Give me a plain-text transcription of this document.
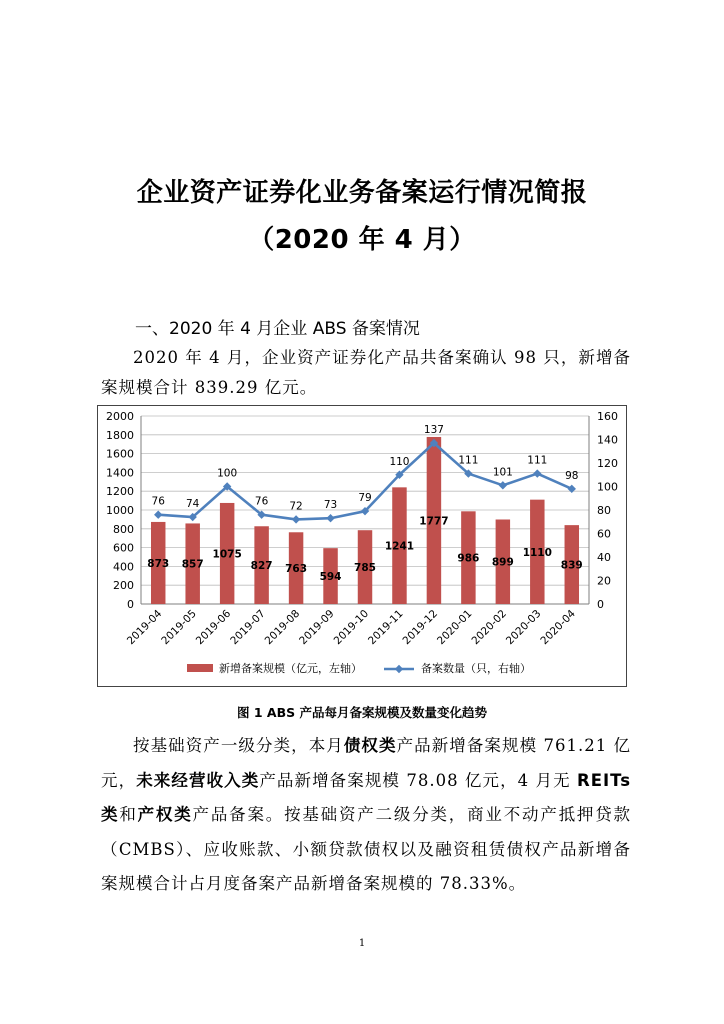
企业资产证券化业务备案运行情况简报
（2020 年 4 月）
一、2020 年 4 月企业 ABS 备案情况
2020 年 4 月，企业资产证券化产品共备案确认 98 只，新增备案规模合计 839.29 亿元。
0
200
400
600
800
1000
1200
1400
1600
1800
2000
0
20
40
60
80
100
120
140
160
873 857
1075
827 763
594
785
1241
1777
986 899
1110
839
76 74
100
76 72 73
79
110
137
111
101
111
98
2019-04
2019-05
2019-06
2019-07
2019-08
2019-09
2019-10
2019-11
2019-12
2020-01
2020-02
2020-03
2020-04
新增备案规模（亿元，左轴）	备案数量（只，右轴）
图 1 ABS 产品每月备案规模及数量变化趋势
按基础资产一级分类，本月债权类产品新增备案规模 761.21 亿元，未来经营收入类产品新增备案规模 78.08 亿元，4 月无 REITs 类和产权类产品备案。按基础资产二级分类，商业不动产抵押贷款（CMBS）、应收账款、小额贷款债权以及融资租赁债权产品新增备案规模合计占月度备案产品新增备案规模的 78.33%。
1
